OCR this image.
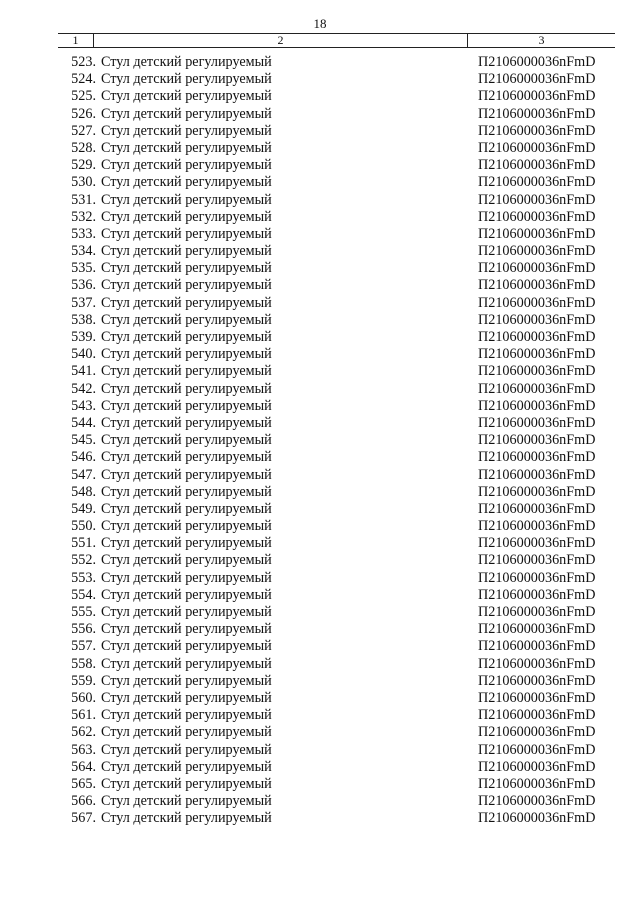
18
1	2	3
523. Стул детский регулируемый	П2106000036nFmD
524. Стул детский регулируемый	П2106000036nFmD
525. Стул детский регулируемый	П2106000036nFmD
526. Стул детский регулируемый	П2106000036nFmD
527. Стул детский регулируемый	П2106000036nFmD
528. Стул детский регулируемый	П2106000036nFmD
529. Стул детский регулируемый	П2106000036nFmD
530. Стул детский регулируемый	П2106000036nFmD
531. Стул детский регулируемый	П2106000036nFmD
532. Стул детский регулируемый	П2106000036nFmD
533. Стул детский регулируемый	П2106000036nFmD
534. Стул детский регулируемый	П2106000036nFmD
535. Стул детский регулируемый	П2106000036nFmD
536. Стул детский регулируемый	П2106000036nFmD
537. Стул детский регулируемый	П2106000036nFmD
538. Стул детский регулируемый	П2106000036nFmD
539. Стул детский регулируемый	П2106000036nFmD
540. Стул детский регулируемый	П2106000036nFmD
541. Стул детский регулируемый	П2106000036nFmD
542. Стул детский регулируемый	П2106000036nFmD
543. Стул детский регулируемый	П2106000036nFmD
544. Стул детский регулируемый	П2106000036nFmD
545. Стул детский регулируемый	П2106000036nFmD
546. Стул детский регулируемый	П2106000036nFmD
547. Стул детский регулируемый	П2106000036nFmD
548. Стул детский регулируемый	П2106000036nFmD
549. Стул детский регулируемый	П2106000036nFmD
550. Стул детский регулируемый	П2106000036nFmD
551. Стул детский регулируемый	П2106000036nFmD
552. Стул детский регулируемый	П2106000036nFmD
553. Стул детский регулируемый	П2106000036nFmD
554. Стул детский регулируемый	П2106000036nFmD
555. Стул детский регулируемый	П2106000036nFmD
556. Стул детский регулируемый	П2106000036nFmD
557. Стул детский регулируемый	П2106000036nFmD
558. Стул детский регулируемый	П2106000036nFmD
559. Стул детский регулируемый	П2106000036nFmD
560. Стул детский регулируемый	П2106000036nFmD
561. Стул детский регулируемый	П2106000036nFmD
562. Стул детский регулируемый	П2106000036nFmD
563. Стул детский регулируемый	П2106000036nFmD
564. Стул детский регулируемый	П2106000036nFmD
565. Стул детский регулируемый	П2106000036nFmD
566. Стул детский регулируемый	П2106000036nFmD
567. Стул детский регулируемый	П2106000036nFmD
